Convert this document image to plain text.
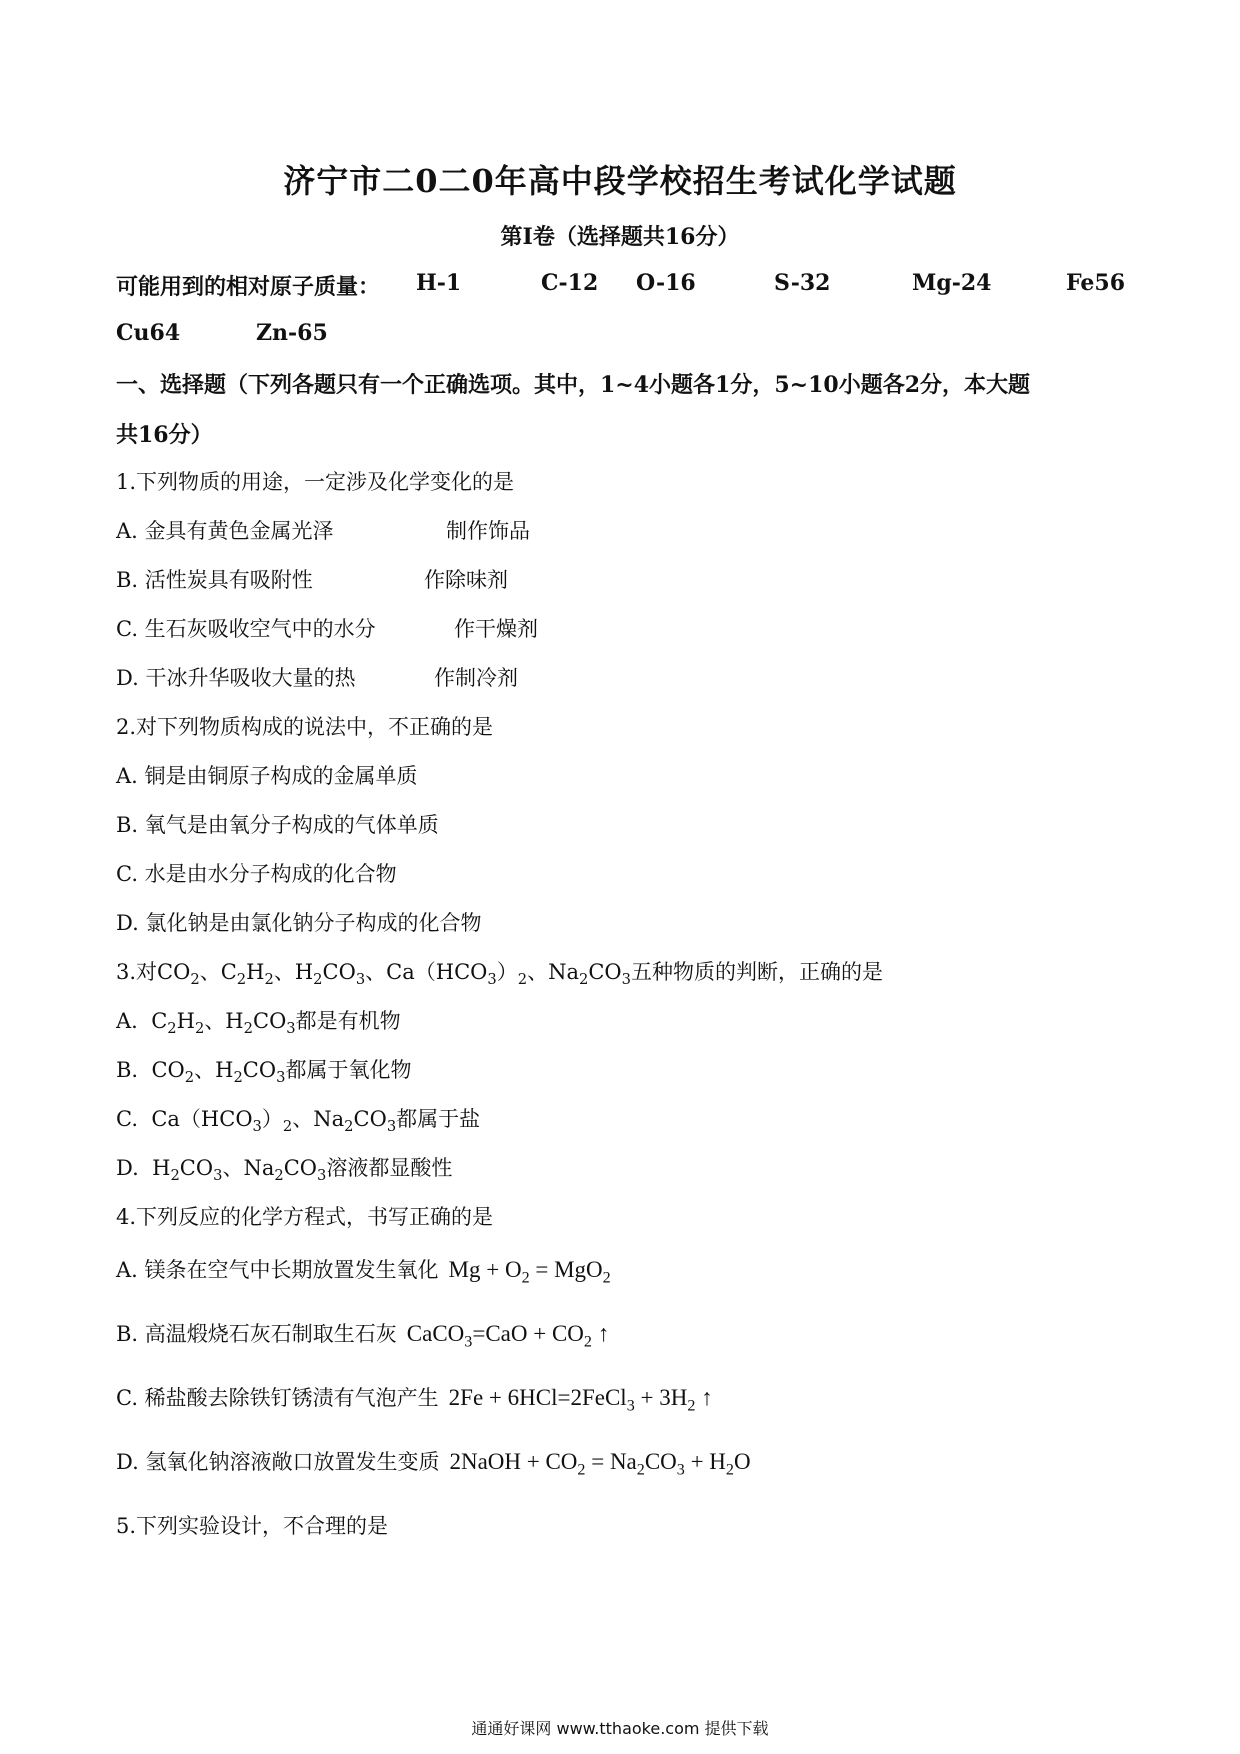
济宁市二0二0年高中段学校招生考试化学试题
第I卷（选择题共16分）
可能用到的相对原子质量： H-1	C-12 O-16	S-32	Mg-24	Fe56
Cu64	Zn-65
一、选择题（下列各题只有一个正确选项。其中，1~4小题各1分，5~10小题各2分，本大题
共16分）
1.下列物质的用途，一定涉及化学变化的是
A. 金具有黄色金属光泽	制作饰品
B. 活性炭具有吸附性	作除味剂
C. 生石灰吸收空气中的水分	作干燥剂
D. 干冰升华吸收大量的热	作制冷剂
2.对下列物质构成的说法中，不正确的是
A. 铜是由铜原子构成的金属单质
B. 氧气是由氧分子构成的气体单质
C. 水是由水分子构成的化合物
D. 氯化钠是由氯化钠分子构成的化合物
3.对$CO_2$、$C_2H_2$、$H_2CO_3$、$Ca(HCO_3)_2$、$Na_2CO_3$五种物质的判断，正确的是
A.  $C_2H_2$、$H_2CO_3$都是有机物
B.  $CO_2$、$H_2CO_3$都属于氧化物
C.  $Ca(HCO_3)_2$、$Na_2CO_3$都属于盐
D.  $H_2CO_3$、$Na_2CO_3$溶液都显酸性
4.下列反应的化学方程式，书写正确的是
A. 镁条在空气中长期放置发生氧化 $Mg + O_2 = MgO_2$
B. 高温煅烧石灰石制取生石灰 CaCO$_3$=CaO + $CO_2$ ↑
C. 稀盐酸去除铁钉锈渍有气泡产生 2Fe + 6HCl=2FeCl$_3$ + $3H_2$ ↑
D. 氢氧化钠溶液敞口放置发生变质 2NaOH + $CO_2 = Na_2CO_3 + H_2O$
5.下列实验设计，不合理的是
通通好课网 www.tthaoke.com 提供下载
